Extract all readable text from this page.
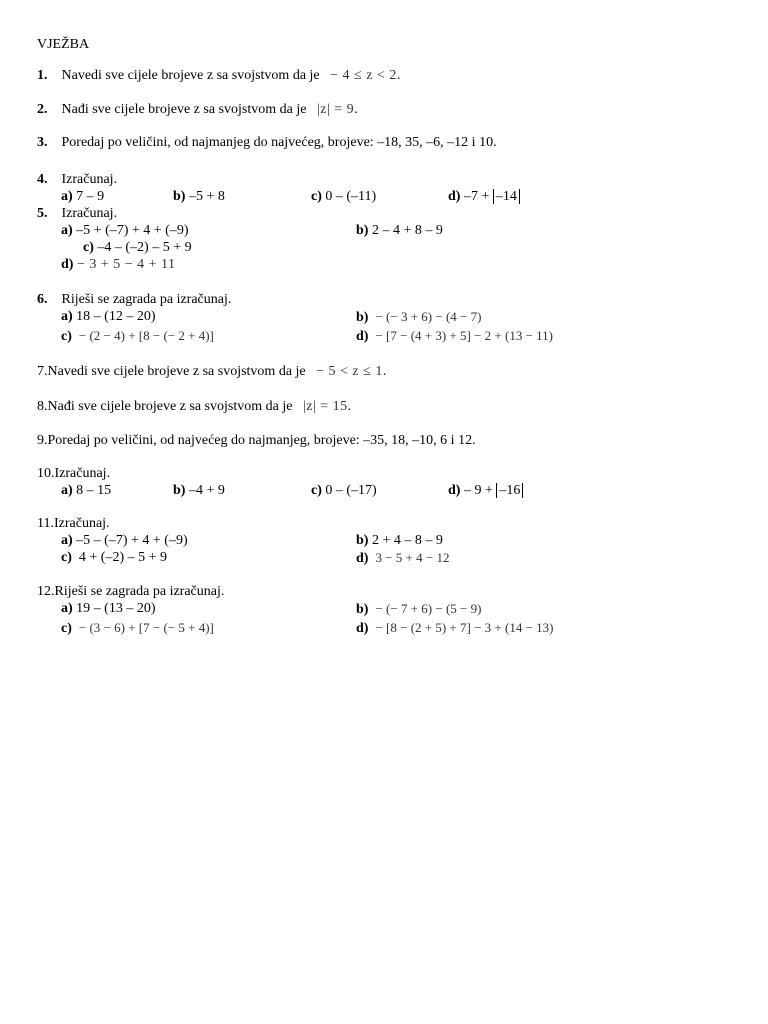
VJEŽBA
1. Navedi sve cijele brojeve z sa svojstvom da je − 4 ≤ z < 2.
2. Nađi sve cijele brojeve z sa svojstvom da je |z| = 9.
3. Poredaj po veličini, od najmanjeg do najvećeg, brojeve: –18, 35, –6, –12 i 10.
4. Izračunaj.
a) 7 – 9	b) –5 + 8	c) 0 – (–11)	d) –7 + –14
5. Izračunaj.
a) –5 + (–7) + 4 + (–9)	b) 2 – 4 + 8 – 9
c) –4 – (–2) – 5 + 9
d) − 3 + 5 − 4 + 11
6. Riješi se zagrada pa izračunaj.
a) 18 – (12 – 20)	b) − (− 3 + 6) − (4 − 7)
c) − (2 − 4) + [8 − (− 2 + 4)]	d) − [7 − (4 + 3) + 5] − 2 + (13 − 11)
7.Navedi sve cijele brojeve z sa svojstvom da je − 5 < z ≤ 1.
8.Nađi sve cijele brojeve z sa svojstvom da je |z| = 15.
9.Poredaj po veličini, od najvećeg do najmanjeg, brojeve: –35, 18, –10, 6 i 12.
10.Izračunaj.
a) 8 – 15	b) –4 + 9	c) 0 – (–17)	d) – 9 + –16
11.Izračunaj.
a) –5 – (–7) + 4 + (–9)	b) 2 + 4 – 8 – 9
c) 4 + (–2) – 5 + 9	d) 3 − 5 + 4 − 12
12.Riješi se zagrada pa izračunaj.
a) 19 – (13 – 20)	b) − (− 7 + 6) − (5 − 9)
c) − (3 − 6) + [7 − (− 5 + 4)]	d) − [8 − (2 + 5) + 7] − 3 + (14 − 13)
